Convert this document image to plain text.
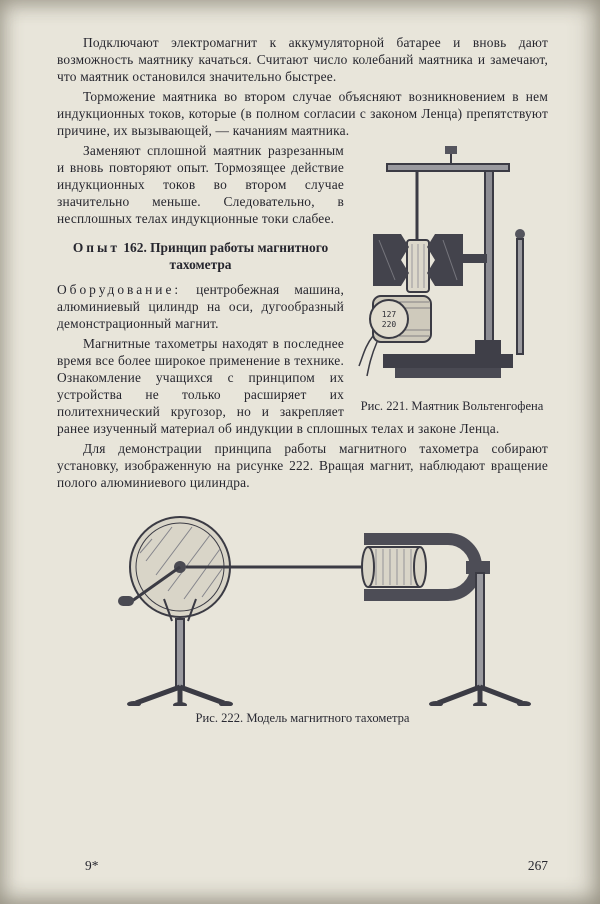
Подключают электромагнит к аккумуляторной батарее и вновь дают возможность маятнику качаться. Считают число колебаний маятника и замечают, что маятник остановился значительно быстрее.

Торможение маятника во втором случае объясняют возникновением в нем индукционных токов, которые (в полном согласии с законом Ленца) препятствуют причине, их вызывающей, — качаниям маятника.

127
220
Рис. 221. Маятник Вольтенгофена

Заменяют сплошной маятник разрезанным и вновь повторяют опыт. Тормозящее действие индукционных токов во втором случае значительно меньше. Следовательно, в несплошных телах индукционные токи слабее.

Опыт 162. Принцип работы магнитного тахометра

Оборудование: центробежная машина, алюминиевый цилиндр на оси, дугообразный демонстрационный магнит.

Магнитные тахометры находят в последнее время все более широкое применение в технике. Ознакомление учащихся с принципом их устройства не только расширяет их политехнический кругозор, но и закрепляет ранее изученный материал об индукции в сплошных телах и законе Ленца.

Для демонстрации принципа работы магнитного тахометра собирают установку, изображенную на рисунке 222. Вращая магнит, наблюдают вращение полого алюминиевого цилиндра.

Рис. 222. Модель магнитного тахометра
9*	267
